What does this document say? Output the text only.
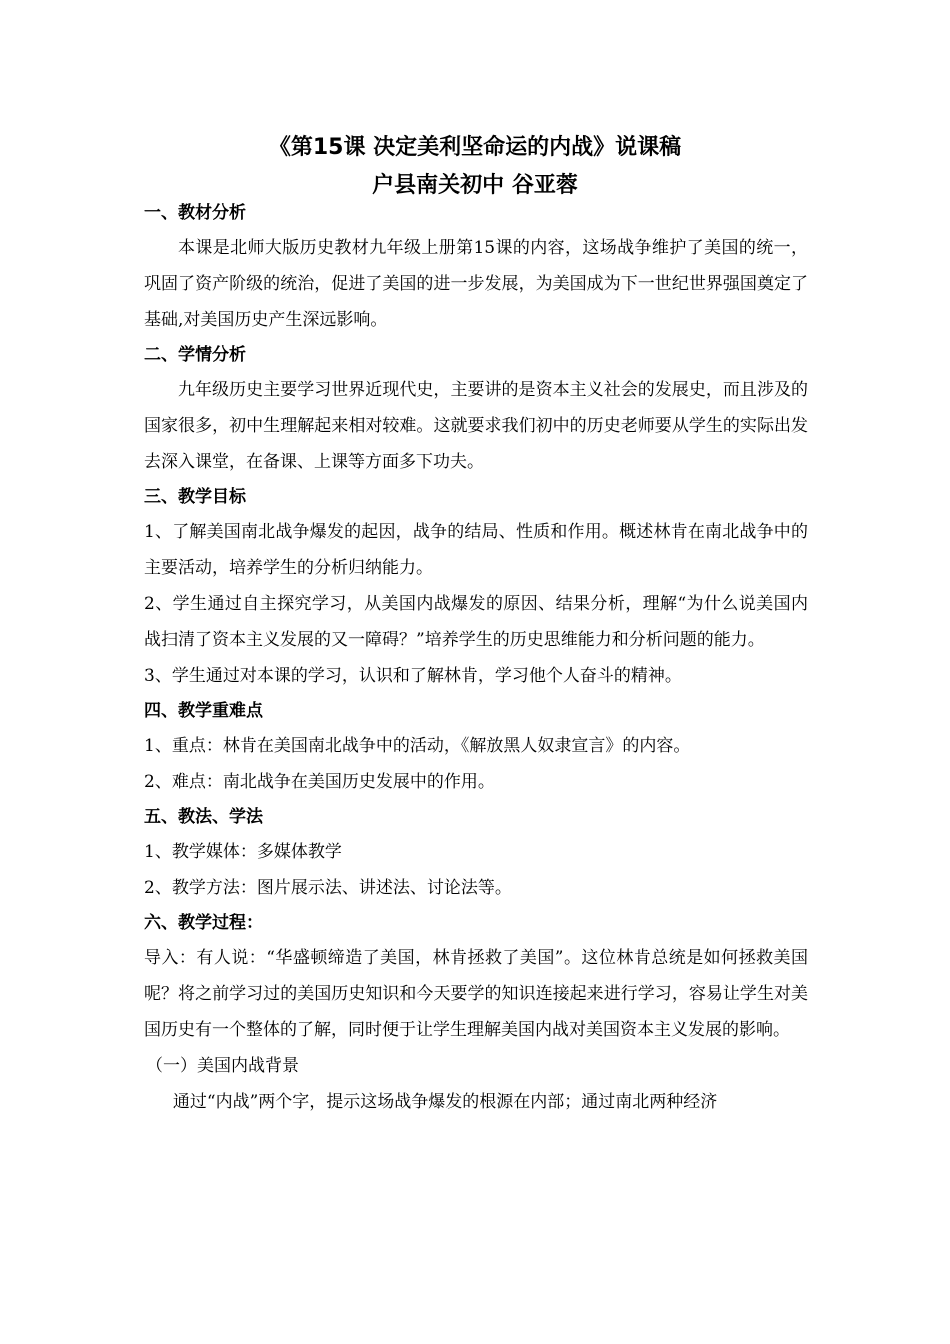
《第15课 决定美利坚命运的内战》说课稿
户县南关初中 谷亚蓉

一、教材分析

本课是北师大版历史教材九年级上册第15课的内容，这场战争维护了美国的统一，巩固了资产阶级的统治，促进了美国的进一步发展，为美国成为下一世纪世界强国奠定了基础,对美国历史产生深远影响。

二、学情分析

九年级历史主要学习世界近现代史，主要讲的是资本主义社会的发展史，而且涉及的国家很多，初中生理解起来相对较难。这就要求我们初中的历史老师要从学生的实际出发去深入课堂，在备课、上课等方面多下功夫。

三、教学目标

1、了解美国南北战争爆发的起因，战争的结局、性质和作用。概述林肯在南北战争中的主要活动，培养学生的分析归纳能力。

2、学生通过自主探究学习，从美国内战爆发的原因、结果分析，理解“为什么说美国内战扫清了资本主义发展的又一障碍？”培养学生的历史思维能力和分析问题的能力。

3、学生通过对本课的学习，认识和了解林肯，学习他个人奋斗的精神。

四、教学重难点

1、重点：林肯在美国南北战争中的活动，《解放黑人奴隶宣言》的内容。

2、难点：南北战争在美国历史发展中的作用。

五、教法、学法

1、教学媒体：多媒体教学

2、教学方法：图片展示法、讲述法、讨论法等。

六、教学过程：

导入：有人说：“华盛顿缔造了美国，林肯拯救了美国”。这位林肯总统是如何拯救美国呢？将之前学习过的美国历史知识和今天要学的知识连接起来进行学习，容易让学生对美国历史有一个整体的了解，同时便于让学生理解美国内战对美国资本主义发展的影响。

（一）美国内战背景

通过“内战”两个字，提示这场战争爆发的根源在内部；通过南北两种经济
